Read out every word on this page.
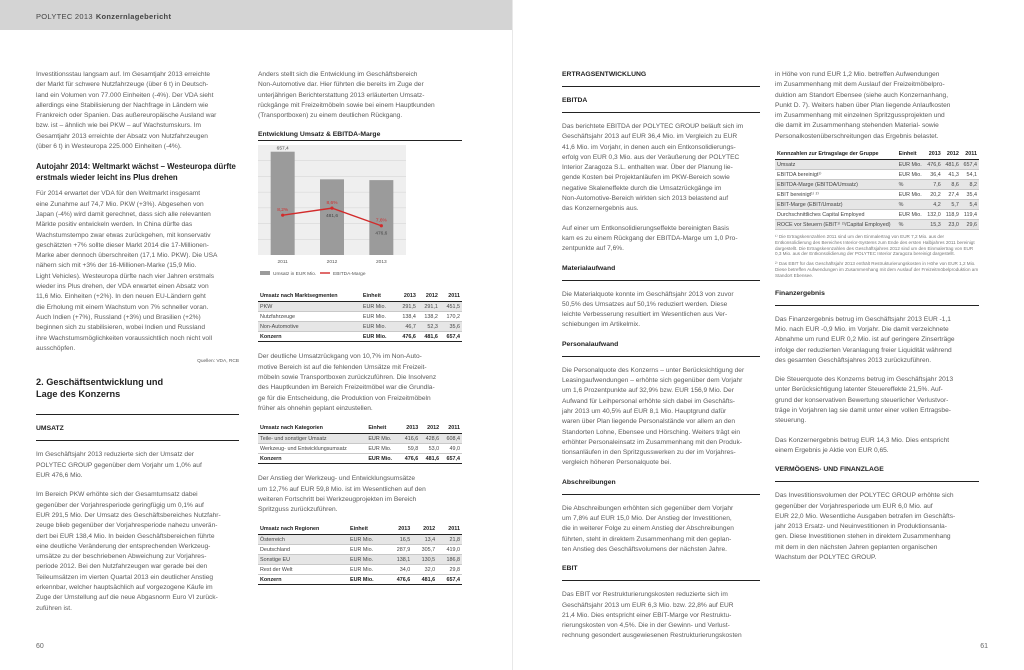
POLYTEC 2013 Konzernlagebericht

Investitionsstau langsam auf. Im Gesamtjahr 2013 erreichte
der Markt für schwere Nutzfahrzeuge (über 6 t) in Deutsch-
land ein Volumen von 77.000 Einheiten (-4%). Der VDA sieht
allerdings eine Stabilisierung der Nachfrage in Ländern wie
Frankreich oder Spanien. Das außereuropäische Ausland war
bzw. ist – ähnlich wie bei PKW – auf Wachstumskurs. Im
Gesamtjahr 2013 erreichte der Absatz von Nutzfahrzeugen
(über 6 t) in Westeuropa 225.000 Einheiten (-4%).

Autojahr 2014: Weltmarkt wächst – Westeuropa dürfte
erstmals wieder leicht ins Plus drehen

Für 2014 erwartet der VDA für den Weltmarkt insgesamt
eine Zunahme auf 74,7 Mio. PKW (+3%). Abgesehen von
Japan (-4%) wird damit gerechnet, dass sich alle relevanten
Märkte positiv entwickeln werden. In China dürfte das
Wachstumstempo zwar etwas zurückgehen, mit konservativ
geschätzten +7% sollte dieser Markt 2014 die 17-Millionen-
Marke aber dennoch überschreiten (17,1 Mio. PKW). Die USA
nähern sich mit +3% der 16-Millionen-Marke (15,9 Mio.
Light Vehicles). Westeuropa dürfte nach vier Jahren erstmals
wieder ins Plus drehen, der VDA erwartet einen Absatz von
11,6 Mio. Einheiten (+2%). In den neuen EU-Ländern geht
die Erholung mit einem Wachstum von 7% schneller voran.
Auch Indien (+7%), Russland (+3%) und Brasilien (+2%)
beginnen sich zu stabilisieren, wobei Indien und Russland
ihre Wachstumsmöglichkeiten voraussichtlich noch nicht voll
ausschöpfen.

Quellen: VDA, RCB
2. Geschäftsentwicklung und
Lage des Konzerns

UMSATZ

Im Geschäftsjahr 2013 reduzierte sich der Umsatz der
POLYTEC GROUP gegenüber dem Vorjahr um 1,0% auf
EUR 476,6 Mio.

Im Bereich PKW erhöhte sich der Gesamtumsatz dabei
gegenüber der Vorjahresperiode geringfügig um 0,1% auf
EUR 291,5 Mio. Der Umsatz des Geschäftsbereiches Nutzfahr-
zeuge blieb gegenüber der Vorjahresperiode nahezu unverän-
dert bei EUR 138,4 Mio. In beiden Geschäftsbereichen führte
eine deutliche Veränderung der entsprechenden Werkzeug-
umsätze zu der beschriebenen Abweichung zur Vorjahres-
periode 2012. Bei den Nutzfahrzeugen war gerade bei den
Teileumsätzen im vierten Quartal 2013 ein deutlicher Anstieg
erkennbar, welcher hauptsächlich auf vorgezogene Käufe im
Zuge der Umstellung auf die neue Abgasnorm Euro VI zurück-
zuführen ist.

Anders stellt sich die Entwicklung im Geschäftsbereich
Non-Automotive dar. Hier führten die bereits im Zuge der
unterjährigen Berichterstattung 2013 erläuterten Umsatz-
rückgänge mit Freizeitmöbeln sowie bei einem Hauptkunden
(Transportboxen) zu einem deutlichen Rückgang.

Entwicklung Umsatz & EBITDA-Marge
2011
657,4
2012
481,6
2013
476,6
8,2%
8,6%
7,6%
Umsatz in EUR Mio.	EBITDA-Marge
Umsatz nach Marktsegmenten	Einheit	2013	2012	2011
PKW	EUR Mio.	291,5	291,1	451,5
Nutzfahrzeuge	EUR Mio.	138,4	138,2	170,2
Non-Automotive	EUR Mio.	46,7	52,3	35,6
Konzern	EUR Mio.	476,6	481,6	657,4

Der deutliche Umsatzrückgang von 10,7% im Non-Auto-
motive Bereich ist auf die fehlenden Umsätze mit Freizeit-
möbeln sowie Transportboxen zurückzuführen. Die Insolvenz
des Hauptkunden im Bereich Freizeitmöbel war die Grundla-
ge für die Entscheidung, die Produktion von Freizeitmöbeln
früher als ohnehin geplant einzustellen.

Umsatz nach Kategorien	Einheit	2013	2012	2011
Teile- und sonstiger Umsatz	EUR Mio.	416,6	428,6	608,4
Werkzeug- und Entwicklungsumsatz	EUR Mio.	59,8	53,0	49,0
Konzern	EUR Mio.	476,6	481,6	657,4

Der Anstieg der Werkzeug- und Entwicklungsumsätze
um 12,7% auf EUR 59,8 Mio. ist im Wesentlichen auf den
weiteren Fortschritt bei Werkzeugprojekten im Bereich
Spritzguss zurückzuführen.

Umsatz nach Regionen	Einheit	2013	2012	2011
Österreich	EUR Mio.	16,5	13,4	21,8
Deutschland	EUR Mio.	287,9	305,7	419,0
Sonstige EU	EUR Mio.	138,1	130,5	186,8
Rest der Welt	EUR Mio.	34,0	32,0	29,8
Konzern	EUR Mio.	476,6	481,6	657,4
60
ERTRAGSENTWICKLUNG
EBITDA

Das berichtete EBITDA der POLYTEC GROUP beläuft sich im
Geschäftsjahr 2013 auf EUR 36,4 Mio. im Vergleich zu EUR
41,6 Mio. im Vorjahr, in denen auch ein Entkonsolidierungs-
erfolg von EUR 0,3 Mio. aus der Veräußerung der POLYTEC
Interior Zaragoza S.L. enthalten war. Über der Planung lie-
gende Kosten bei Projektanläufen im PKW-Bereich sowie
negative Skaleneffekte durch die Umsatzrückgänge im
Non-Automotive-Bereich wirkten sich 2013 belastend auf
das Konzernergebnis aus.

Auf einer um Entkonsolidierungseffekte bereinigten Basis
kam es zu einem Rückgang der EBITDA-Marge um 1,0 Pro-
zentpunkte auf 7,6%.

Materialaufwand

Die Materialquote konnte im Geschäftsjahr 2013 von zuvor
50,5% des Umsatzes auf 50,1% reduziert werden. Diese
leichte Verbesserung resultiert im Wesentlichen aus Ver-
schiebungen im Artikelmix.

Personalaufwand

Die Personalquote des Konzerns – unter Berücksichtigung der
Leasingaufwendungen – erhöhte sich gegenüber dem Vorjahr
um 1,6 Prozentpunkte auf 32,9% bzw. EUR 156,9 Mio. Der
Aufwand für Leihpersonal erhöhte sich dabei im Geschäfts-
jahr 2013 um 40,5% auf EUR 8,1 Mio. Hauptgrund dafür
waren über Plan liegende Personalstände vor allem an den
Standorten Lohne, Ebensee und Hörsching. Weiters trägt ein
erhöhter Personaleinsatz im Zusammenhang mit den Produk-
tionsanläufen in den Spritzgusswerken zu der im Vorjahres-
vergleich höheren Personalquote bei.

Abschreibungen

Die Abschreibungen erhöhten sich gegenüber dem Vorjahr
um 7,8% auf EUR 15,0 Mio. Der Anstieg der Investitionen,
die in weiterer Folge zu einem Anstieg der Abschreibungen
führten, steht in direktem Zusammenhang mit den geplan-
ten Anstieg des Geschäftsvolumens der nächsten Jahre.

EBIT

Das EBIT vor Restrukturierungskosten reduzierte sich im
Geschäftsjahr 2013 um EUR 6,3 Mio. bzw. 22,8% auf EUR
21,4 Mio. Dies entspricht einer EBIT-Marge vor Restruktu-
rierungskosten von 4,5%. Die in der Gewinn- und Verlust-
rechnung gesondert ausgewiesenen Restrukturierungskosten

in Höhe von rund EUR 1,2 Mio. betreffen Aufwendungen
im Zusammenhang mit dem Auslauf der Freizeitmöbelpro-
duktion am Standort Ebensee (siehe auch Konzernanhang,
Punkt D. 7). Weiters haben über Plan liegende Anlaufkosten
im Zusammenhang mit einzelnen Spritzgussprojekten und
die damit im Zusammenhang stehenden Material- sowie
Personalkostenüberschreitungen das Ergebnis belastet.

Kennzahlen zur Ertragslage der Gruppe	Einheit	2013	2012	2011
Umsatz	EUR Mio.	476,6	481,6	657,4
EBITDA bereinigt¹⁾	EUR Mio.	36,4	41,3	54,1
EBITDA-Marge (EBITDA/Umsatz)	%	7,6	8,6	8,2
EBIT bereinigt¹⁾ ²⁾	EUR Mio.	20,2	27,4	35,4
EBIT-Marge (EBIT/Umsatz)	%	4,2	5,7	5,4
Durchschnittliches Capital Employed	EUR Mio.	132,0	118,9	119,4
ROCE vor Steuern (EBIT¹⁾ ²⁾/Capital Employed)	%	15,3	23,0	29,6
¹⁾ Die Ertragskennzahlen 2011 sind um den Einmalertrag von EUR 7,2 Mio. aus der Entkonsolidierung des Bereiches Interior-Systems zum Ende des ersten Halbjahres 2011 bereinigt dargestellt. Die Ertragskennzahlen des Geschäftsjahres 2012 sind um den Einmalertrag von EUR 0,3 Mio. aus der Entkonsolidierung der POLYTEC Interior Zaragoza bereinigt dargestellt.
²⁾ Das EBIT für das Geschäftsjahr 2013 enthält Restrukturierungskosten in Höhe von EUR 1,2 Mio. Diese betreffen Aufwendungen im Zusammenhang mit dem Auslauf der Freizeitmöbelproduktion am Standort Ebensee.
Finanzergebnis

Das Finanzergebnis betrug im Geschäftsjahr 2013 EUR -1,1
Mio. nach EUR -0,9 Mio. im Vorjahr. Die damit verzeichnete
Abnahme um rund EUR 0,2 Mio. ist auf geringere Zinserträge
infolge der reduzierten Veranlagung freier Liquidität während
des gesamten Geschäftsjahres 2013 zurückzuführen.

Die Steuerquote des Konzerns betrug im Geschäftsjahr 2013
unter Berücksichtigung latenter Steuereffekte 21,5%. Auf-
grund der konservativen Bewertung steuerlicher Verlustvor-
träge in Vorjahren lag sie damit unter einer vollen Ertragsbe-
steuerung.

Das Konzernergebnis betrug EUR 14,3 Mio. Dies entspricht
einem Ergebnis je Aktie von EUR 0,65.

VERMÖGENS- UND FINANZLAGE

Das Investitionsvolumen der POLYTEC GROUP erhöhte sich
gegenüber der Vorjahresperiode um EUR 6,0 Mio. auf
EUR 22,0 Mio. Wesentliche Ausgaben betrafen im Geschäfts-
jahr 2013 Ersatz- und Neuinvestitionen in Produktionsanla-
gen. Diese Investitionen stehen in direktem Zusammenhang
mit dem in den nächsten Jahren geplanten organischen
Wachstum der POLYTEC GROUP.

61
